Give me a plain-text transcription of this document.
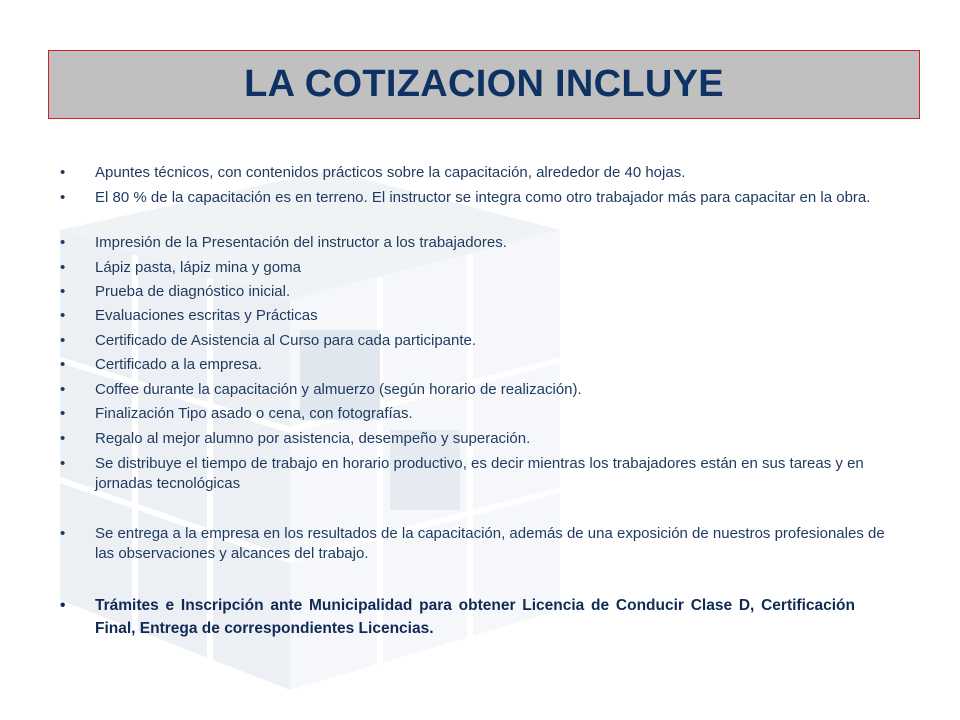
LA COTIZACION INCLUYE
•	Apuntes técnicos, con contenidos prácticos sobre la capacitación, alrededor de 40 hojas.
•	El 80 % de la capacitación es en terreno. El instructor se integra como otro trabajador más para capacitar en la obra.
•	Impresión de la Presentación del instructor a los trabajadores.
•	Lápiz pasta, lápiz mina y goma
•	Prueba de diagnóstico inicial.
•	Evaluaciones escritas y Prácticas
•	Certificado de Asistencia al Curso para cada participante.
•	Certificado a la empresa.
•	Coffee durante la capacitación y almuerzo (según horario de realización).
•	Finalización Tipo asado o cena, con fotografías.
•	Regalo al mejor alumno por asistencia, desempeño y superación.
•	Se distribuye el tiempo de trabajo en horario productivo, es decir mientras los trabajadores están en sus tareas y en jornadas tecnológicas
•	Se entrega a la empresa en los resultados de la capacitación, además de una exposición de nuestros profesionales de las observaciones y alcances del trabajo.
•	Trámites e Inscripción ante Municipalidad para obtener Licencia de Conducir Clase D, Certificación Final, Entrega de correspondientes Licencias.
